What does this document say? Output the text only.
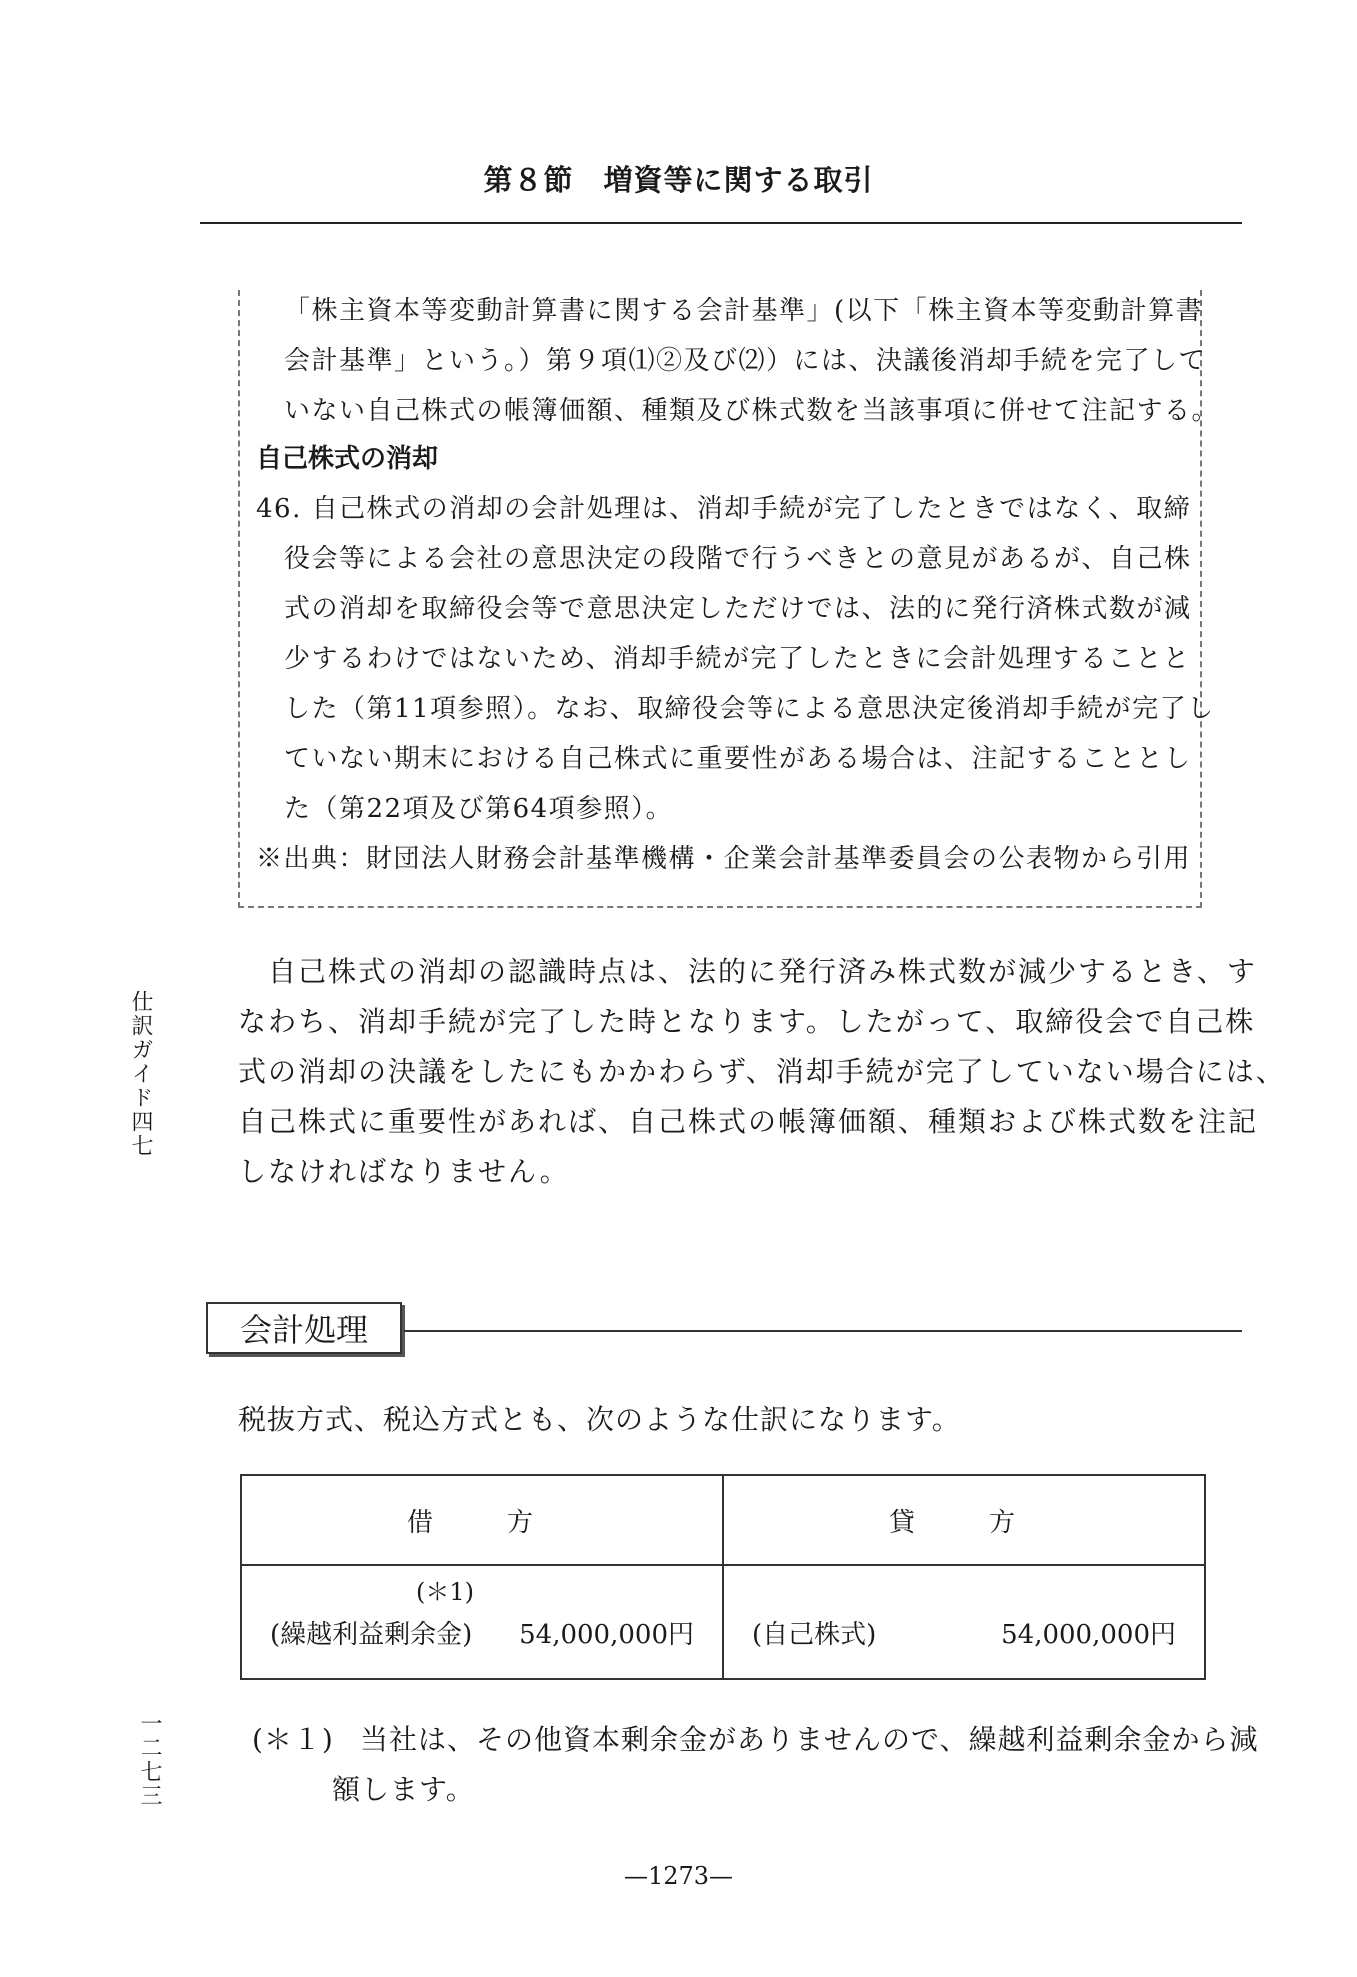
第８節　増資等に関する取引
「株主資本等変動計算書に関する会計基準」(以下「株主資本等変動計算書
会計基準」という。）第９項⑴②及び⑵）には、決議後消却手続を完了して
いない自己株式の帳簿価額、種類及び株式数を当該事項に併せて注記する。
自己株式の消却
46. 自己株式の消却の会計処理は、消却手続が完了したときではなく、取締
役会等による会社の意思決定の段階で行うべきとの意見があるが、自己株
式の消却を取締役会等で意思決定しただけでは、法的に発行済株式数が減
少するわけではないため、消却手続が完了したときに会計処理することと
した（第11項参照）。なお、取締役会等による意思決定後消却手続が完了し
ていない期末における自己株式に重要性がある場合は、注記することとし
た（第22項及び第64項参照）。
※出典：財団法人財務会計基準機構・企業会計基準委員会の公表物から引用
自己株式の消却の認識時点は、法的に発行済み株式数が減少するとき、す
なわち、消却手続が完了した時となります。したがって、取締役会で自己株
式の消却の決議をしたにもかかわらず、消却手続が完了していない場合には、
自己株式に重要性があれば、自己株式の帳簿価額、種類および株式数を注記
しなければなりません。
仕訳ガイド四七
一二七三
会計処理
税抜方式、税込方式とも、次のような仕訳になります。
借　方	貸　方

(＊1)
(繰越利益剰余金) 54,000,000円	(自己株式) 54,000,000円
(＊１) 当社は、その他資本剰余金がありませんので、繰越利益剰余金から減
額します。
—1273—
